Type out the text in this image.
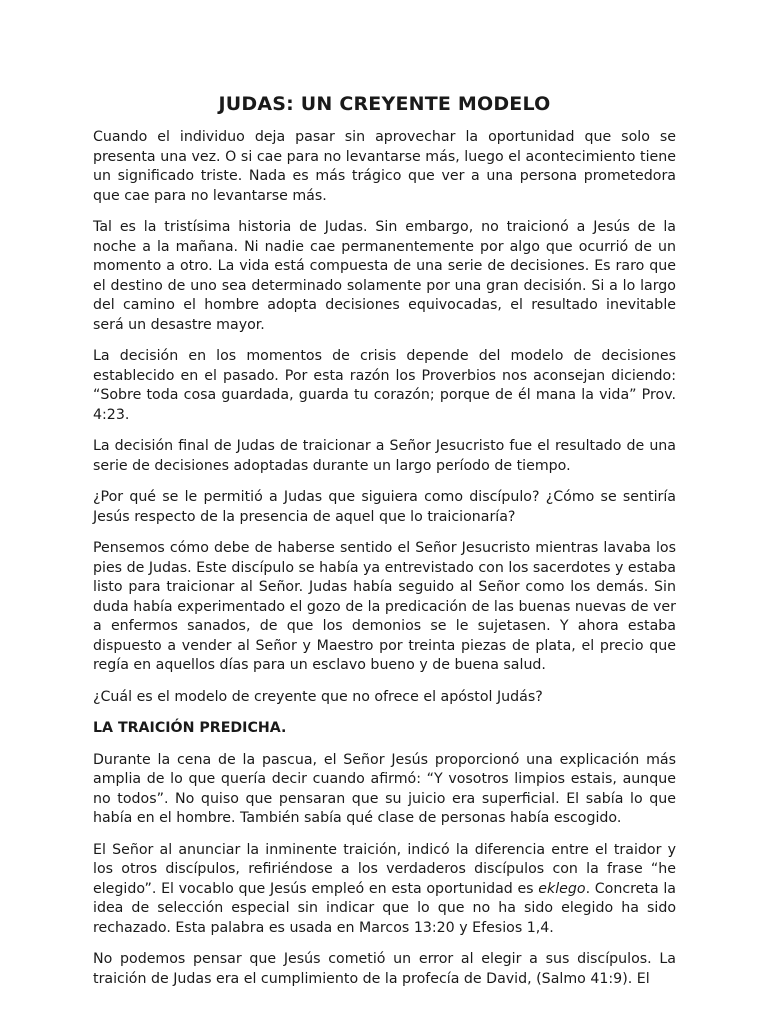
JUDAS: UN CREYENTE MODELO

Cuando el individuo deja pasar sin aprovechar la oportunidad que solo se presenta una vez. O si cae para no levantarse más, luego el acontecimiento tiene un significado triste. Nada es más trágico que ver a una persona prometedora que cae para no levantarse más.

Tal es la tristísima historia de Judas. Sin embargo, no traicionó a Jesús de la noche a la mañana. Ni nadie cae permanentemente por algo que ocurrió de un momento a otro. La vida está compuesta de una serie de decisiones. Es raro que el destino de uno sea determinado solamente por una gran decisión. Si a lo largo del camino el hombre adopta decisiones equivocadas, el resultado inevitable será un desastre mayor.

La decisión en los momentos de crisis depende del modelo de decisiones establecido en el pasado. Por esta razón los Proverbios nos aconsejan diciendo: “Sobre toda cosa guardada, guarda tu corazón; porque de él mana la vida” Prov. 4:23.

La decisión final de Judas de traicionar a Señor Jesucristo fue el resultado de una serie de decisiones adoptadas durante un largo período de tiempo.

¿Por qué se le permitió a Judas que siguiera como discípulo? ¿Cómo se sentiría Jesús respecto de la presencia de aquel que lo traicionaría?

Pensemos cómo debe de haberse sentido el Señor Jesucristo mientras lavaba los pies de Judas. Este discípulo se había ya entrevistado con los sacerdotes y estaba listo para traicionar al Señor. Judas había seguido al Señor como los demás. Sin duda había experimentado el gozo de la predicación de las buenas nuevas de ver a enfermos sanados, de que los demonios se le sujetasen. Y ahora estaba dispuesto a vender al Señor y Maestro por treinta piezas de plata, el precio que regía en aquellos días para un esclavo bueno y de buena salud.

¿Cuál es el modelo de creyente que no ofrece el apóstol Judás?

LA TRAICIÓN PREDICHA.

Durante la cena de la pascua, el Señor Jesús proporcionó una explicación más amplia de lo que quería decir cuando afirmó: “Y vosotros limpios estais, aunque no todos”. No quiso que pensaran que su juicio era superficial. El sabía lo que había en el hombre. También sabía qué clase de personas había escogido.

El Señor al anunciar la inminente traición, indicó la diferencia entre el traidor y los otros discípulos, refiriéndose a los verdaderos discípulos con la frase “he elegido”. El vocablo que Jesús empleó en esta oportunidad es eklego. Concreta la idea de selección especial sin indicar que lo que no ha sido elegido ha sido rechazado. Esta palabra es usada en Marcos 13:20 y Efesios 1,4.

No podemos pensar que Jesús cometió un error al elegir a sus discípulos. La traición de Judas era el cumplimiento de la profecía de David, (Salmo 41:9). El
